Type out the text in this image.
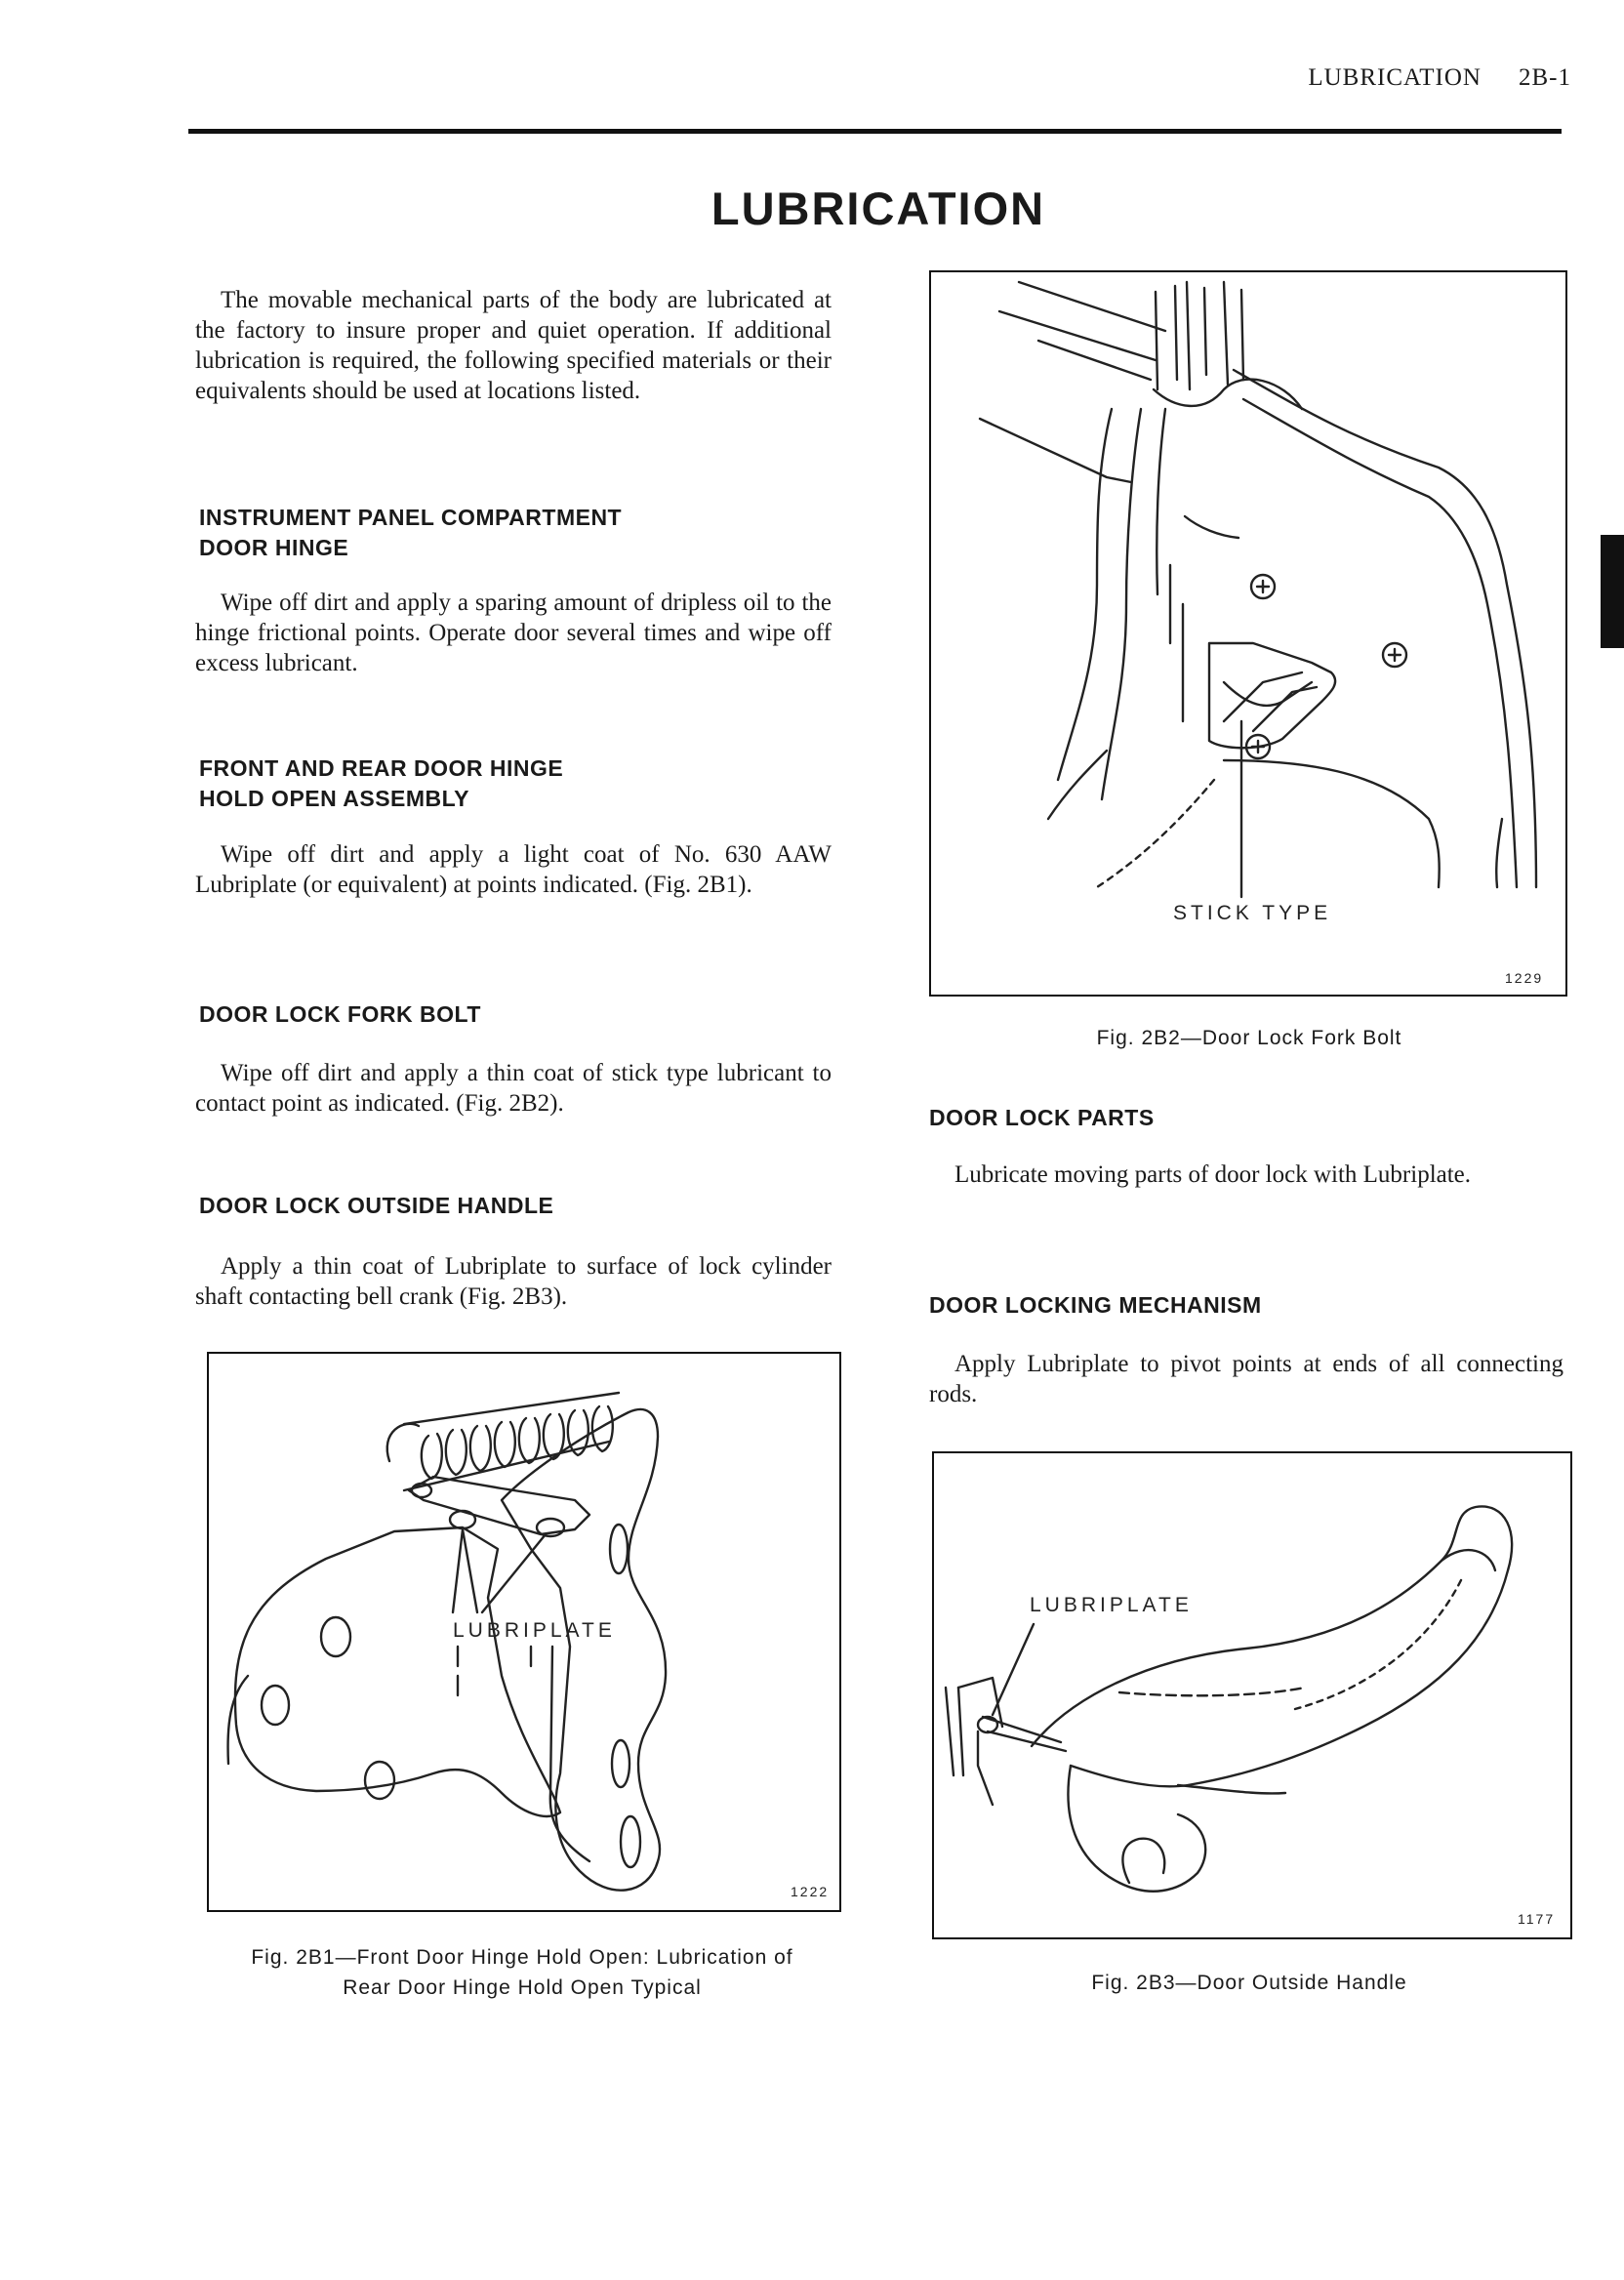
LUBRICATION 2B-1
LUBRICATION
The movable mechanical parts of the body are lubricated at the factory to insure proper and quiet operation. If additional lubrication is required, the following specified materials or their equivalents should be used at locations listed.
INSTRUMENT PANEL COMPARTMENT
DOOR HINGE
Wipe off dirt and apply a sparing amount of dripless oil to the hinge frictional points. Operate door several times and wipe off excess lubricant.
FRONT AND REAR DOOR HINGE
HOLD OPEN ASSEMBLY
Wipe off dirt and apply a light coat of No. 630 AAW Lubriplate (or equivalent) at points indicated. (Fig. 2B1).
DOOR LOCK FORK BOLT
Wipe off dirt and apply a thin coat of stick type lubricant to contact point as indicated. (Fig. 2B2).
DOOR LOCK OUTSIDE HANDLE
Apply a thin coat of Lubriplate to surface of lock cylinder shaft contacting bell crank (Fig. 2B3).
LUBRIPLATE
1222
Fig. 2B1—Front Door Hinge Hold Open: Lubrication of
Rear Door Hinge Hold Open Typical
STICK TYPE
1229
Fig. 2B2—Door Lock Fork Bolt
DOOR LOCK PARTS
Lubricate moving parts of door lock with Lubriplate.
DOOR LOCKING MECHANISM
Apply Lubriplate to pivot points at ends of all connecting rods.
LUBRIPLATE
1177
Fig. 2B3—Door Outside Handle
